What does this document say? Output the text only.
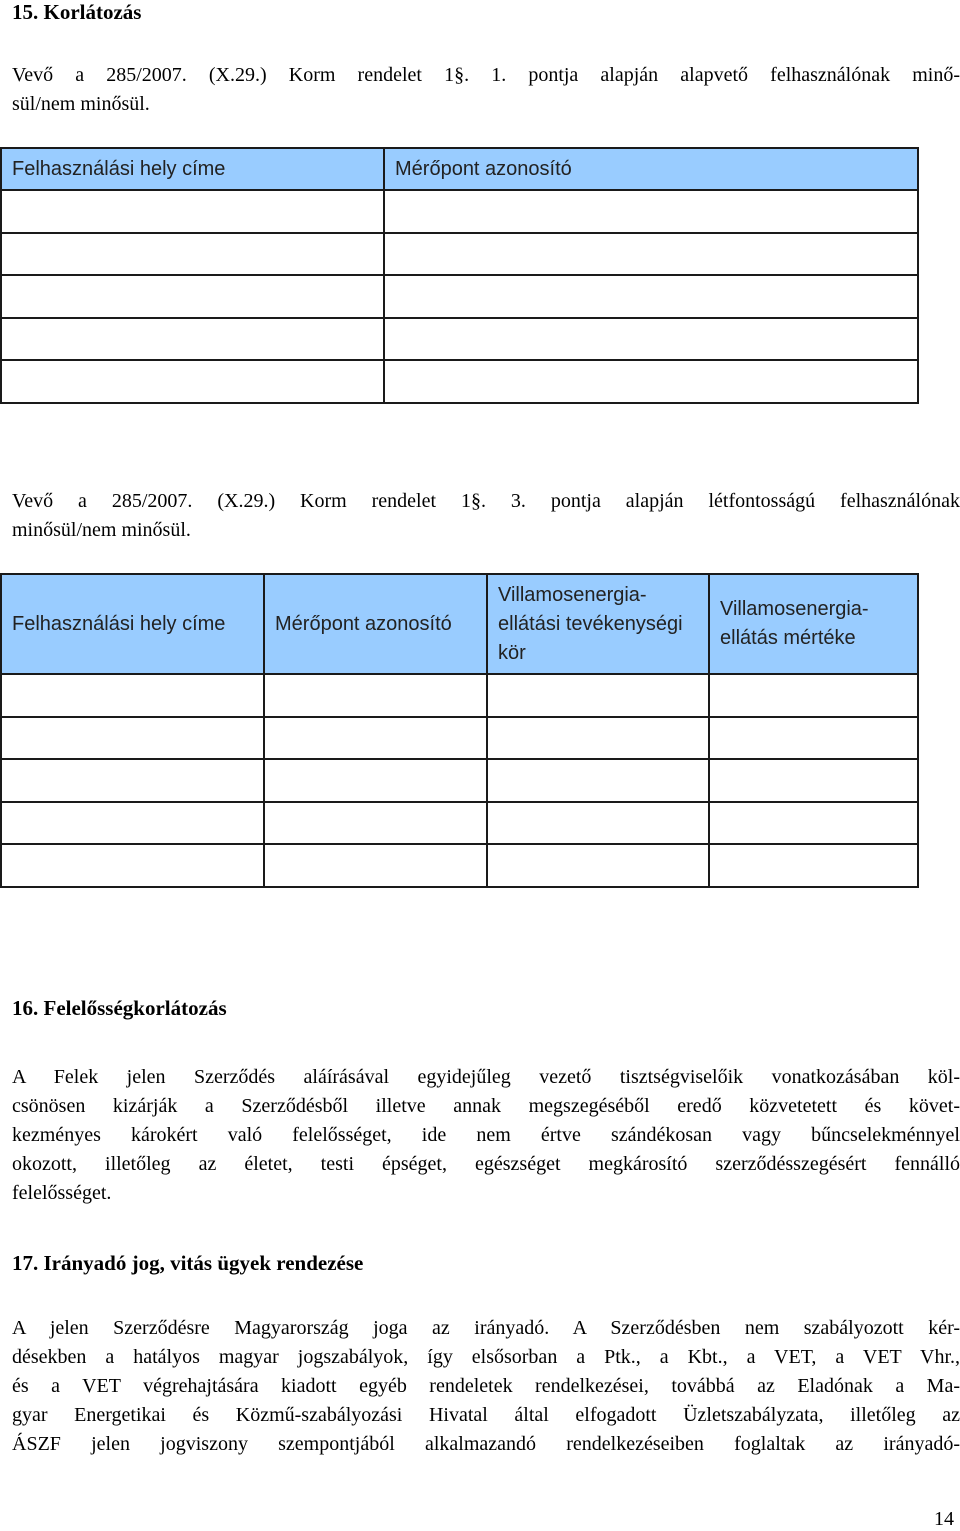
15. Korlátozás
Vevő a 285/2007. (X.29.) Korm rendelet 1§. 1. pontja alapján alapvető felhasználónak minő-
sül/nem minősül.
Felhasználási hely címe	Mérőpont azonosító

Vevő a 285/2007. (X.29.) Korm rendelet 1§. 3. pontja alapján létfontosságú felhasználónak
minősül/nem minősül.
Felhasználási hely címe	Mérőpont azonosító	Villamosenergia-ellátási tevékenységi kör	Villamosenergia-ellátás mértéke

16. Felelősségkorlátozás
A Felek jelen Szerződés aláírásával egyidejűleg vezető tisztségviselőik vonatkozásában köl-
csönösen kizárják a Szerződésből illetve annak megszegéséből eredő közvetetett és követ-
kezményes károkért való felelősséget, ide nem értve szándékosan vagy bűncselekménnyel
okozott, illetőleg az életet, testi épséget, egészséget megkárosító szerződésszegésért fennálló
felelősséget.
17. Irányadó jog, vitás ügyek rendezése
A jelen Szerződésre Magyarország joga az irányadó. A Szerződésben nem szabályozott kér-
désekben a hatályos magyar jogszabályok, így elsősorban a Ptk., a Kbt., a VET, a VET Vhr.,
és a VET végrehajtására kiadott egyéb rendeletek rendelkezései, továbbá az Eladónak a Ma-
gyar Energetikai és Közmű-szabályozási Hivatal által elfogadott Üzletszabályzata, illetőleg az
ÁSZF jelen jogviszony szempontjából alkalmazandó rendelkezéseiben foglaltak az irányadó-
14
